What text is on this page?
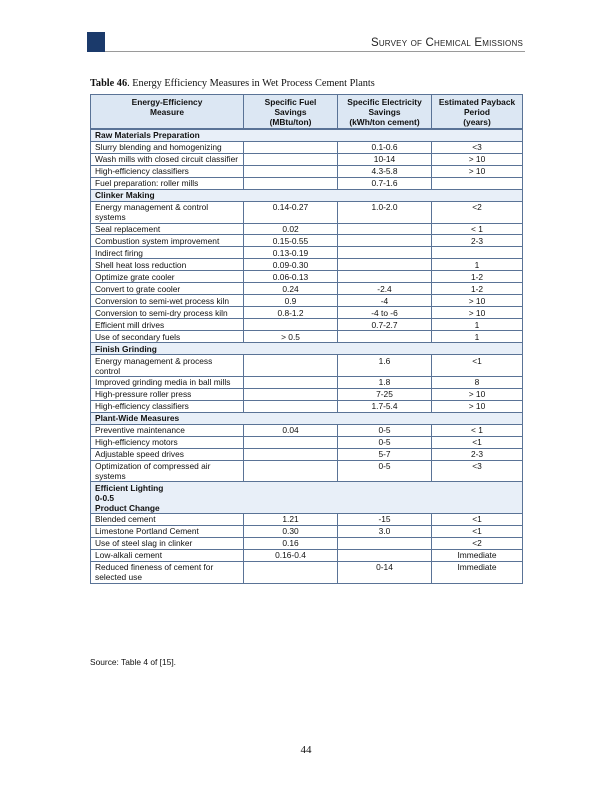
Survey of Chemical Emissions
Table 46. Energy Efficiency Measures in Wet Process Cement Plants
Energy-Efficiency
Measure	Specific Fuel
Savings
(MBtu/ton)	Specific Electricity
Savings
(kWh/ton cement)	Estimated Payback
Period
(years)
Raw Materials Preparation			
Slurry blending and homogenizing		0.1-0.6	<3
Wash mills with closed circuit classifier		10-14	> 10
High-efficiency classifiers		4.3-5.8	> 10
Fuel preparation: roller mills		0.7-1.6	
Clinker Making			
Energy management & control systems	0.14-0.27	1.0-2.0	<2
Seal replacement	0.02		< 1
Combustion system improvement	0.15-0.55		2-3
Indirect firing	0.13-0.19		
Shell heat loss reduction	0.09-0.30		1
Optimize grate cooler	0.06-0.13		1-2
Convert to grate cooler	0.24	-2.4	1-2
Conversion to semi-wet process kiln	0.9	-4	> 10
Conversion to semi-dry process kiln	0.8-1.2	-4 to -6	> 10
Efficient mill drives		0.7-2.7	1
Use of secondary fuels	> 0.5		1
Finish Grinding			
Energy management & process control		1.6	<1
Improved grinding media in ball mills		1.8	8
High-pressure roller press		7-25	> 10
High-efficiency classifiers		1.7-5.4	> 10
Plant-Wide Measures			
Preventive maintenance	0.04	0-5	< 1
High-efficiency motors		0-5	<1
Adjustable speed drives		5-7	2-3
Optimization of compressed air systems		0-5	<3
Efficient Lighting
0-0.5
Product Change			
Blended cement	1.21	-15	<1
Limestone Portland Cement	0.30	3.0	<1
Use of steel slag in clinker	0.16		<2
Low-alkali cement	0.16-0.4		Immediate
Reduced fineness of cement for selected use		0-14	Immediate
Source: Table 4 of [15].
44
